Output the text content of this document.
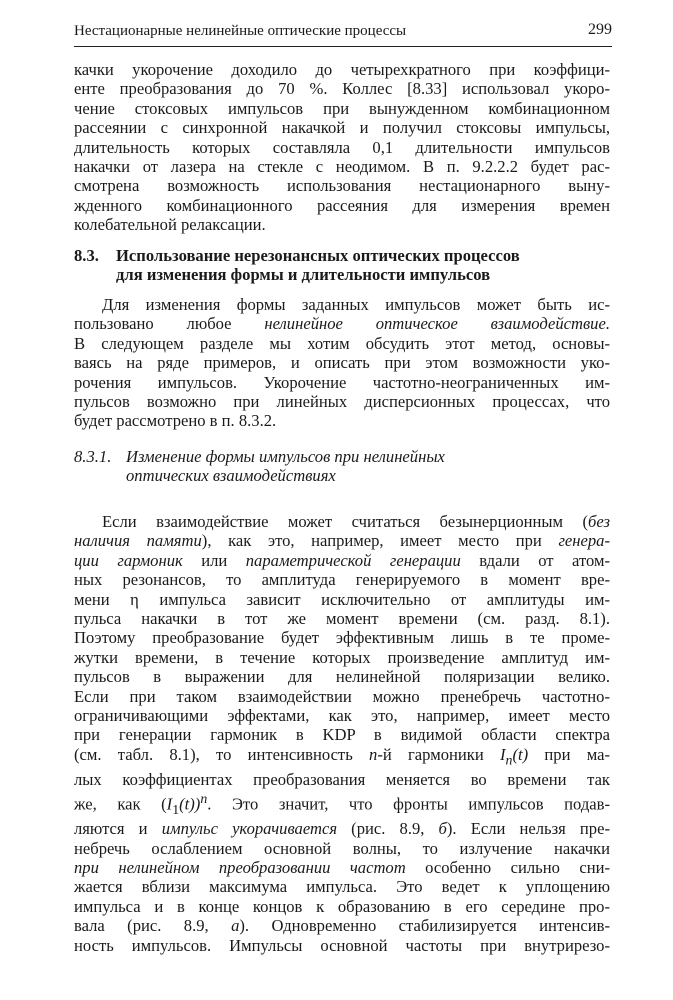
Нестационарные нелинейные оптические процессы	299
качки укорочение доходило до четырехкратного при коэффици-
енте преобразования до 70 %. Коллес [8.33] использовал укоро-
чение стоксовых импульсов при вынужденном комбинационном
рассеянии с синхронной накачкой и получил стоксовы импульсы,
длительность которых составляла 0,1 длительности импульсов
накачки от лазера на стекле с неодимом. В п. 9.2.2.2 будет рас-
смотрена возможность использования нестационарного выну-
жденного комбинационного рассеяния для измерения времен
колебательной релаксации.
8.3. Использование нерезонансных оптических процессов
для изменения формы и длительности импульсов
Для изменения формы заданных импульсов может быть ис-
пользовано любое нелинейное оптическое взаимодействие.
В следующем разделе мы хотим обсудить этот метод, основы-
ваясь на ряде примеров, и описать при этом возможности уко-
рочения импульсов. Укорочение частотно-неограниченных им-
пульсов возможно при линейных дисперсионных процессах, что
будет рассмотрено в п. 8.3.2.
8.3.1. Изменение формы импульсов при нелинейных
оптических взаимодействиях
Если взаимодействие может считаться безынерционным (без
наличия памяти), как это, например, имеет место при генера-
ции гармоник или параметрической генерации вдали от атом-
ных резонансов, то амплитуда генерируемого в момент вре-
мени η импульса зависит исключительно от амплитуды им-
пульса накачки в тот же момент времени (см. разд. 8.1).
Поэтому преобразование будет эффективным лишь в те проме-
жутки времени, в течение которых произведение амплитуд им-
пульсов в выражении для нелинейной поляризации велико.
Если при таком взаимодействии можно пренебречь частотно-
ограничивающими эффектами, как это, например, имеет место
при генерации гармоник в KDP в видимой области спектра
(см. табл. 8.1), то интенсивность n-й гармоники $I_n(t)$ при ма-
лых коэффициентах преобразования меняется во времени так
же, как $(I_1(t))^n$. Это значит, что фронты импульсов подав-
ляются и импульс укорачивается (рис. 8.9, б). Если нельзя пре-
небречь ослаблением основной волны, то излучение накачки
при нелинейном преобразовании частот особенно сильно сни-
жается вблизи максимума импульса. Это ведет к уплощению
импульса и в конце концов к образованию в его середине про-
вала (рис. 8.9, а). Одновременно стабилизируется интенсив-
ность импульсов. Импульсы основной частоты при внутрирезо-
